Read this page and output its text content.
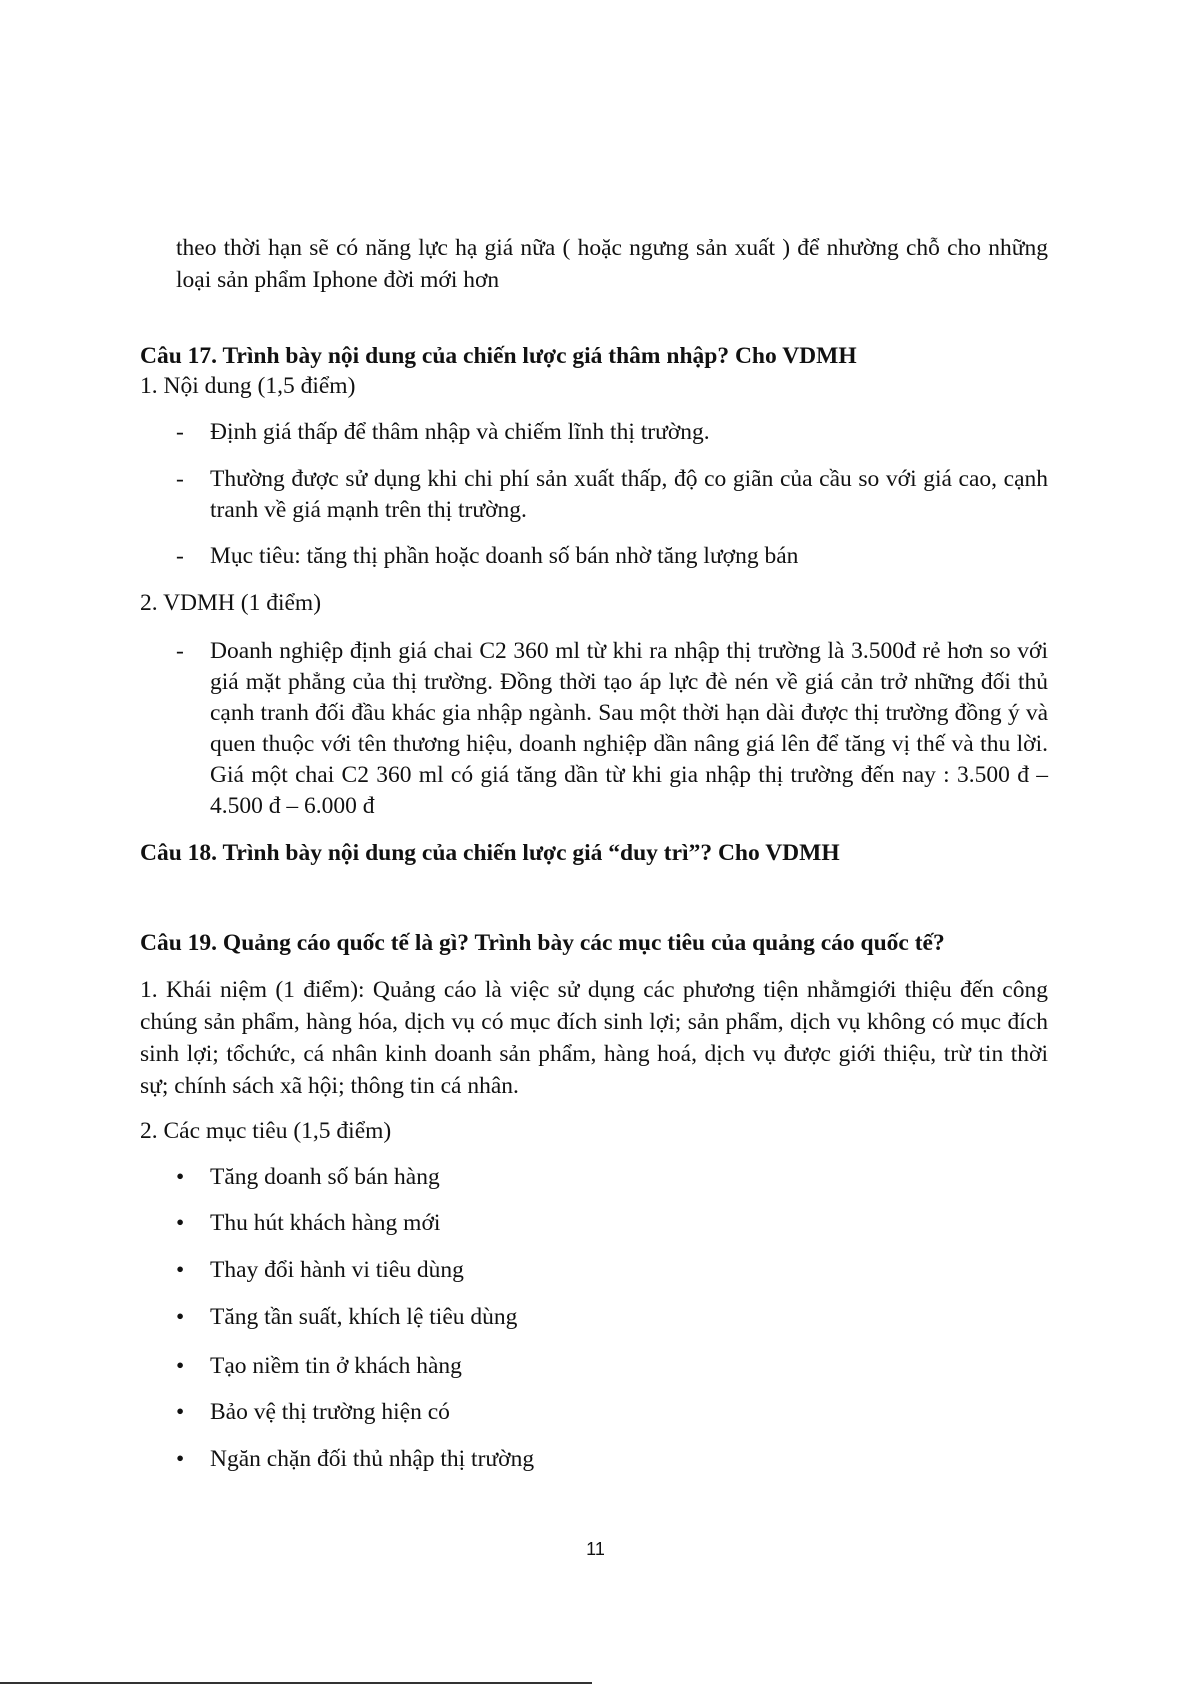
theo thời hạn sẽ có năng lực hạ giá nữa ( hoặc ngưng sản xuất ) để nhường chỗ cho những loại sản phẩm Iphone đời mới hơn

Câu 17. Trình bày nội dung của chiến lược giá thâm nhập? Cho VDMH
1. Nội dung (1,5 điểm)
- Định giá thấp để thâm nhập và chiếm lĩnh thị trường.

- Thường được sử dụng khi chi phí sản xuất thấp, độ co giãn của cầu so với giá cao, cạnh tranh về giá mạnh trên thị trường.

- Mục tiêu: tăng thị phần hoặc doanh số bán nhờ tăng lượng bán

2. VDMH (1 điểm)
- Doanh nghiệp định giá chai C2 360 ml từ khi ra nhập thị trường là 3.500đ rẻ hơn so với giá mặt phẳng của thị trường. Đồng thời tạo áp lực đè nén về giá cản trở những đối thủ cạnh tranh đối đầu khác gia nhập ngành. Sau một thời hạn dài được thị trường đồng ý và quen thuộc với tên thương hiệu, doanh nghiệp dần nâng giá lên để tăng vị thế và thu lời. Giá một chai C2 360 ml có giá tăng dần từ khi gia nhập thị trường đến nay : 3.500 đ – 4.500 đ – 6.000 đ

Câu 18. Trình bày nội dung của chiến lược giá “duy trì”? Cho VDMH
Câu 19. Quảng cáo quốc tế là gì? Trình bày các mục tiêu của quảng cáo quốc tế?

1. Khái niệm (1 điểm): Quảng cáo là việc sử dụng các phương tiện nhằmgiới thiệu đến công chúng sản phẩm, hàng hóa, dịch vụ có mục đích sinh lợi; sản phẩm, dịch vụ không có mục đích sinh lợi; tổchức, cá nhân kinh doanh sản phẩm, hàng hoá, dịch vụ được giới thiệu, trừ tin thời sự; chính sách xã hội; thông tin cá nhân.

2. Các mục tiêu (1,5 điểm)
• Tăng doanh số bán hàng

• Thu hút khách hàng mới

• Thay đổi hành vi tiêu dùng

• Tăng tần suất, khích lệ tiêu dùng

• Tạo niềm tin ở khách hàng

• Bảo vệ thị trường hiện có

• Ngăn chặn đối thủ nhập thị trường

11
